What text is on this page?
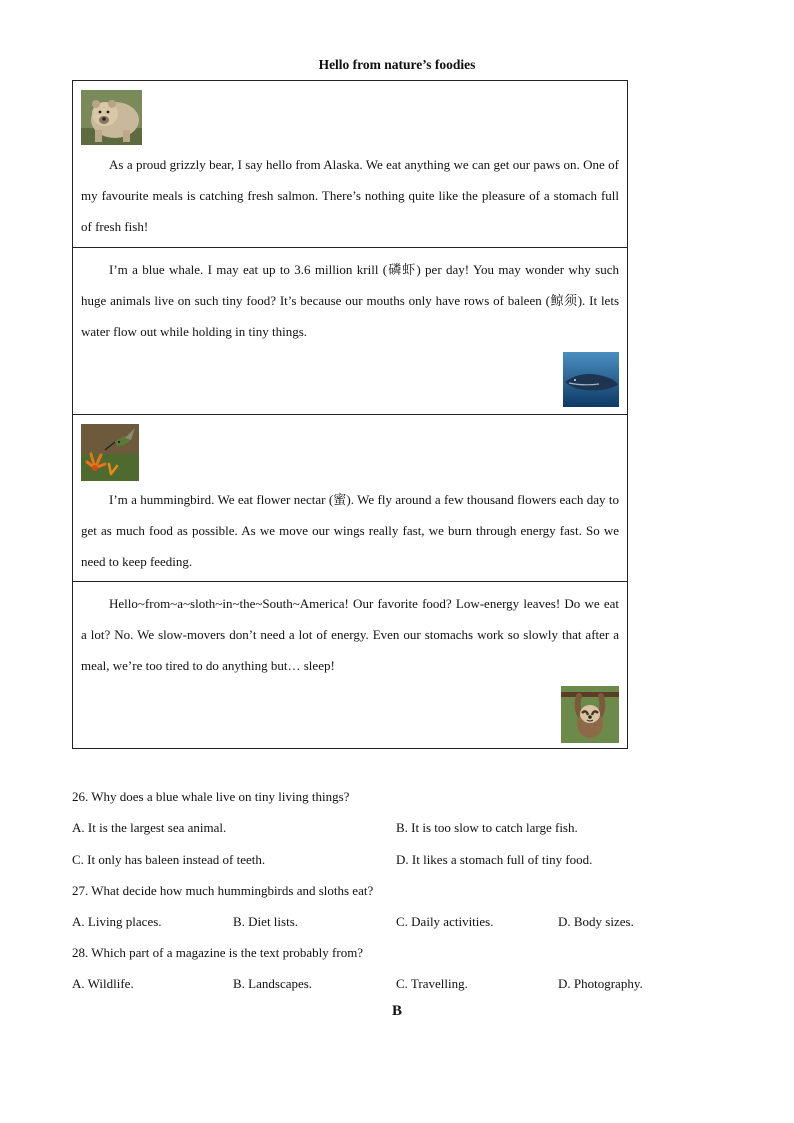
Hello from nature’s foodies

As a proud grizzly bear, I say hello from Alaska. We eat anything we can get our paws on. One of my favourite meals is catching fresh salmon. There’s nothing quite like the pleasure of a stomach full of fresh fish!

I’m a blue whale. I may eat up to 3.6 million krill (磷虾) per day! You may wonder why such huge animals live on such tiny food? It’s because our mouths only have rows of baleen (鲸须). It lets water flow out while holding in tiny things.

I’m a hummingbird. We eat flower nectar (蜜). We fly around a few thousand flowers each day to get as much food as possible. As we move our wings really fast, we burn through energy fast. So we need to keep feeding.

Hello~from~a~sloth~in~the~South~America! Our favorite food? Low-energy leaves! Do we eat a lot? No. We slow-movers don’t need a lot of energy. Even our stomachs work so slowly that after a meal, we’re too tired to do anything but… sleep!

26. Why does a blue whale live on tiny living things?
A. It is the largest sea animal.	B. It is too slow to catch large fish.
C. It only has baleen instead of teeth.	D. It likes a stomach full of tiny food.
27. What decide how much hummingbirds and sloths eat?
A. Living places.	B. Diet lists.	C. Daily activities.	D. Body sizes.
28. Which part of a magazine is the text probably from?
A. Wildlife.	B. Landscapes.	C. Travelling.	D. Photography.
B
